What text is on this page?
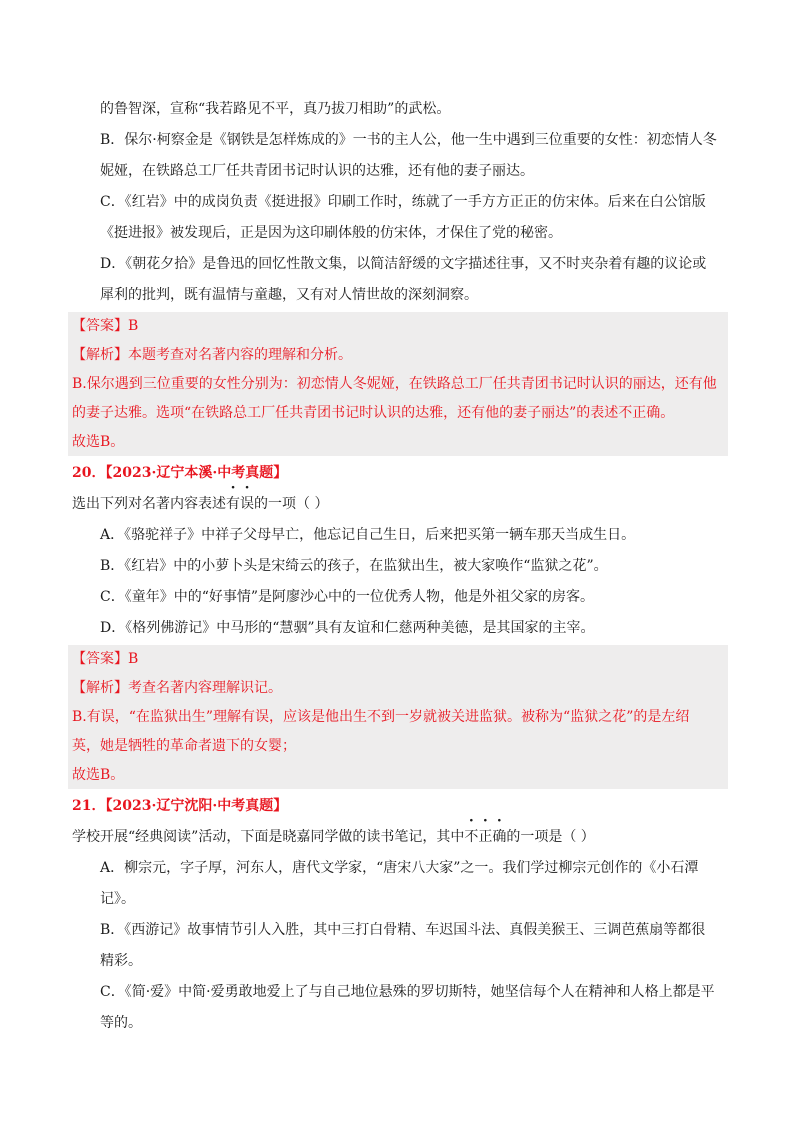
的鲁智深，宣称“我若路见不平，真乃拔刀相助”的武松。
B．保尔·柯察金是《钢铁是怎样炼成的》一书的主人公，他一生中遇到三位重要的女性：初恋情人冬
妮娅，在铁路总工厂任共青团书记时认识的达雅，还有他的妻子丽达。
C．《红岩》中的成岗负责《挺进报》印刷工作时，练就了一手方方正正的仿宋体。后来在白公馆版
《挺进报》被发现后，正是因为这印刷体般的仿宋体，才保住了党的秘密。
D．《朝花夕拾》是鲁迅的回忆性散文集，以简洁舒缓的文字描述往事，又不时夹杂着有趣的议论或
犀利的批判，既有温情与童趣，又有对人情世故的深刻洞察。
【答案】B
【解析】本题考查对名著内容的理解和分析。
B.保尔遇到三位重要的女性分别为：初恋情人冬妮娅，在铁路总工厂任共青团书记时认识的丽达，还有他
的妻子达雅。选项“在铁路总工厂任共青团书记时认识的达雅，还有他的妻子丽达”的表述不正确。
故选B。
20．【2023·辽宁本溪·中考真题】
选出下列对名著内容表述有误的一项（ ）
A．《骆驼祥子》中祥子父母早亡，他忘记自己生日，后来把买第一辆车那天当成生日。
B．《红岩》中的小萝卜头是宋绮云的孩子，在监狱出生，被大家唤作“监狱之花”。
C．《童年》中的“好事情”是阿廖沙心中的一位优秀人物，他是外祖父家的房客。
D．《格列佛游记》中马形的“慧骃”具有友谊和仁慈两种美德，是其国家的主宰。
【答案】B
【解析】考查名著内容理解识记。
B.有误，“在监狱出生”理解有误，应该是他出生不到一岁就被关进监狱。被称为“监狱之花”的是左绍
英，她是牺牲的革命者遗下的女婴；
故选B。
21．【2023·辽宁沈阳·中考真题】
学校开展“经典阅读”活动，下面是晓嘉同学做的读书笔记，其中不正确的一项是（ ）
A．柳宗元，字子厚，河东人，唐代文学家，“唐宋八大家”之一。我们学过柳宗元创作的《小石潭
记》。
B．《西游记》故事情节引人入胜，其中三打白骨精、车迟国斗法、真假美猴王、三调芭蕉扇等都很
精彩。
C．《简·爱》中简·爱勇敢地爱上了与自己地位悬殊的罗切斯特，她坚信每个人在精神和人格上都是平
等的。
